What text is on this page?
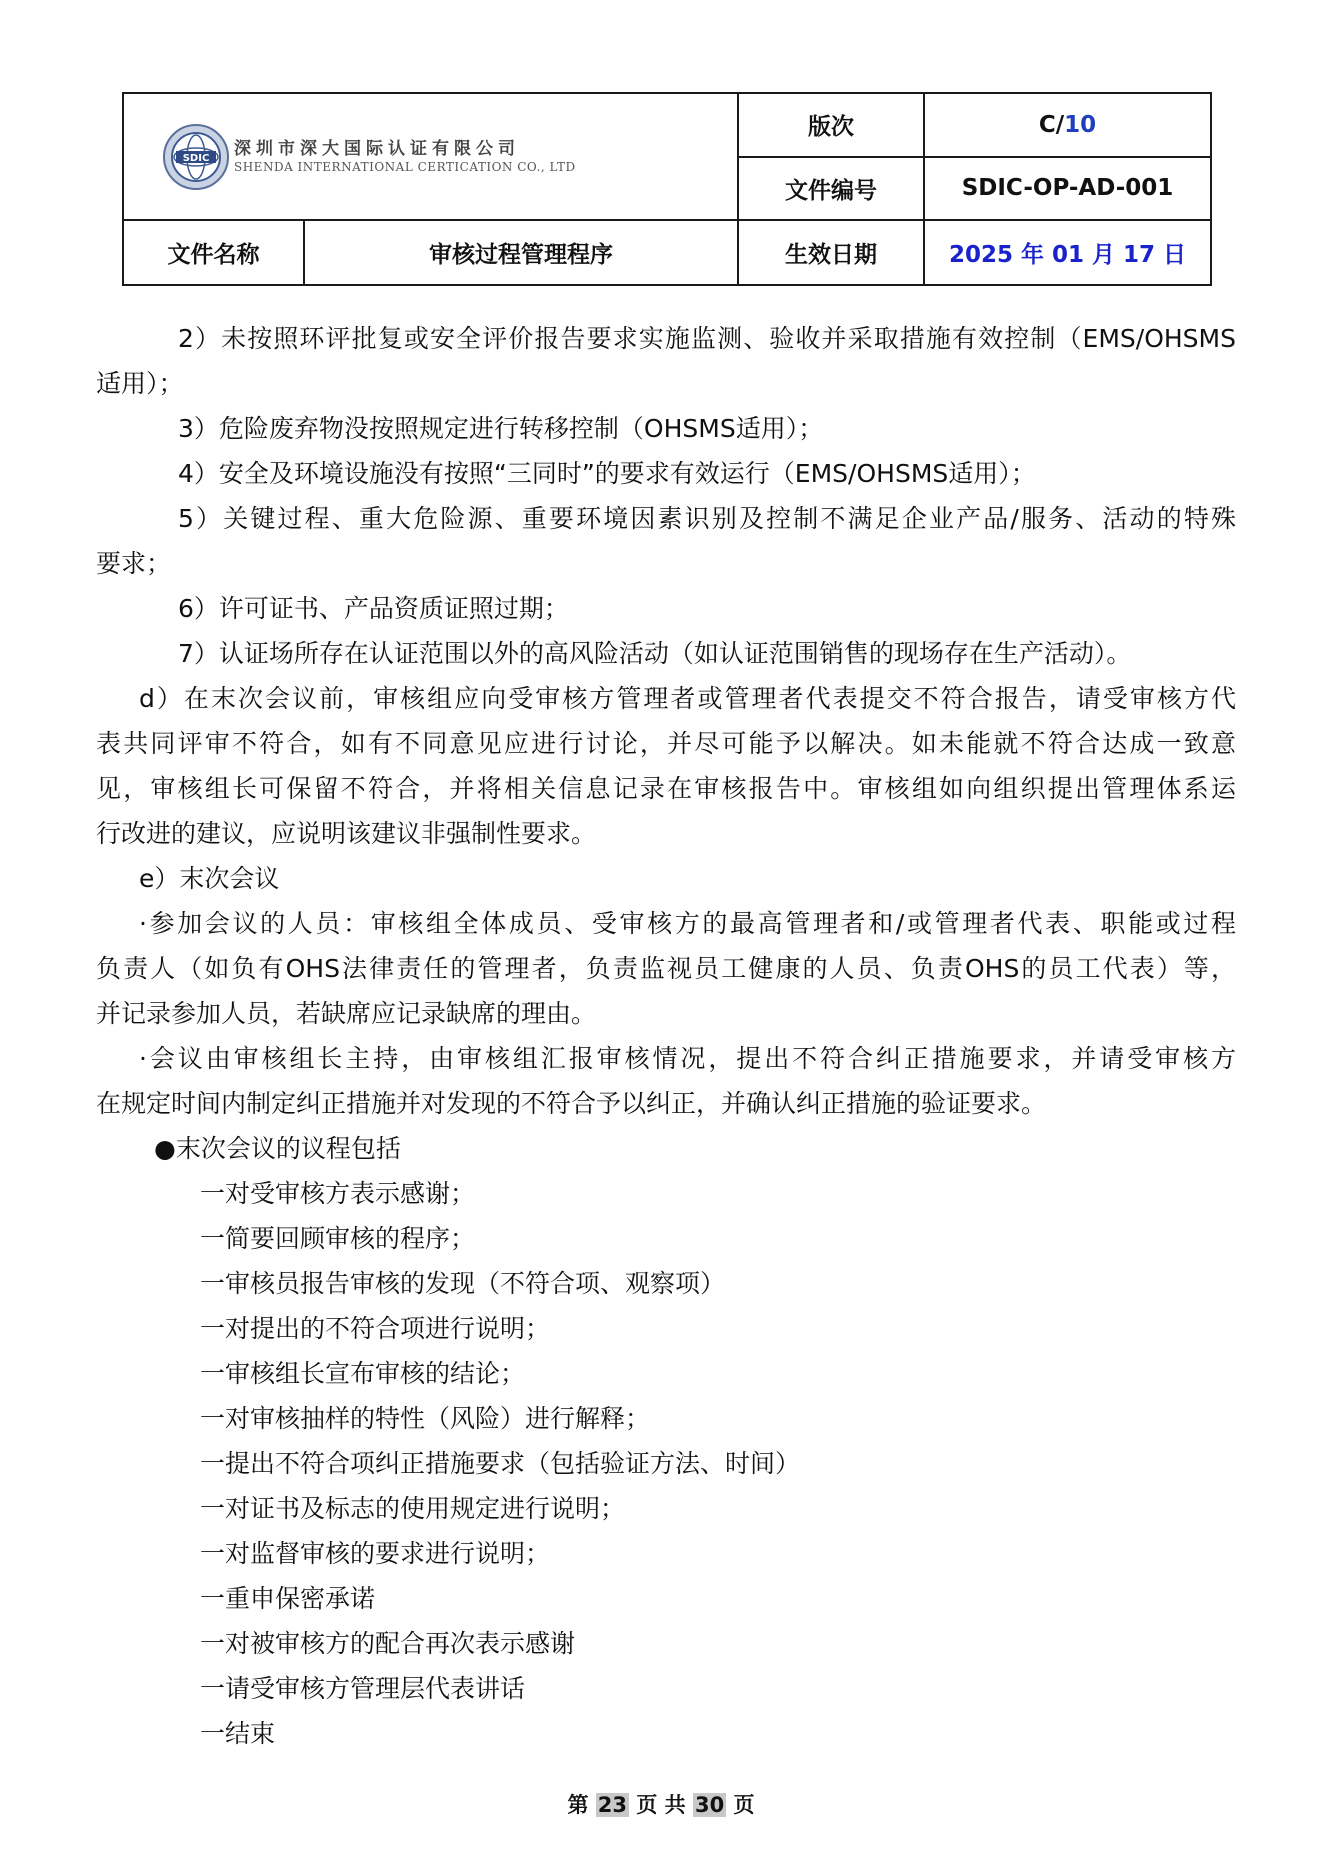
SDIC 深圳市深大国际认证有限公司
SHENDA INTERNATIONAL CERTICATION CO., LTD		版次	C/10
		文件编号	SDIC-OP-AD-001
文件名称	审核过程管理程序	生效日期	2025 年 01 月 17 日

2）未按照环评批复或安全评价报告要求实施监测、验收并采取措施有效控制（EMS/OHSMS

适用）；

3）危险废弃物没按照规定进行转移控制（OHSMS适用）；

4）安全及环境设施没有按照“三同时”的要求有效运行（EMS/OHSMS适用）；

5）关键过程、重大危险源、重要环境因素识别及控制不满足企业产品/服务、活动的特殊

要求；

6）许可证书、产品资质证照过期；

7）认证场所存在认证范围以外的高风险活动（如认证范围销售的现场存在生产活动）。

d）在末次会议前，审核组应向受审核方管理者或管理者代表提交不符合报告，请受审核方代

表共同评审不符合，如有不同意见应进行讨论，并尽可能予以解决。如未能就不符合达成一致意

见，审核组长可保留不符合，并将相关信息记录在审核报告中。审核组如向组织提出管理体系运

行改进的建议，应说明该建议非强制性要求。

e）末次会议

·参加会议的人员：审核组全体成员、受审核方的最高管理者和/或管理者代表、职能或过程

负责人（如负有OHS法律责任的管理者，负责监视员工健康的人员、负责OHS的员工代表）等，

并记录参加人员，若缺席应记录缺席的理由。

·会议由审核组长主持，由审核组汇报审核情况，提出不符合纠正措施要求，并请受审核方

在规定时间内制定纠正措施并对发现的不符合予以纠正，并确认纠正措施的验证要求。

●末次会议的议程包括

一对受审核方表示感谢；

一简要回顾审核的程序；

一审核员报告审核的发现（不符合项、观察项）

一对提出的不符合项进行说明；

一审核组长宣布审核的结论；

一对审核抽样的特性（风险）进行解释；

一提出不符合项纠正措施要求（包括验证方法、时间）

一对证书及标志的使用规定进行说明；

一对监督审核的要求进行说明；

一重申保密承诺

一对被审核方的配合再次表示感谢

一请受审核方管理层代表讲话

一结束

第 23 页 共 30 页
